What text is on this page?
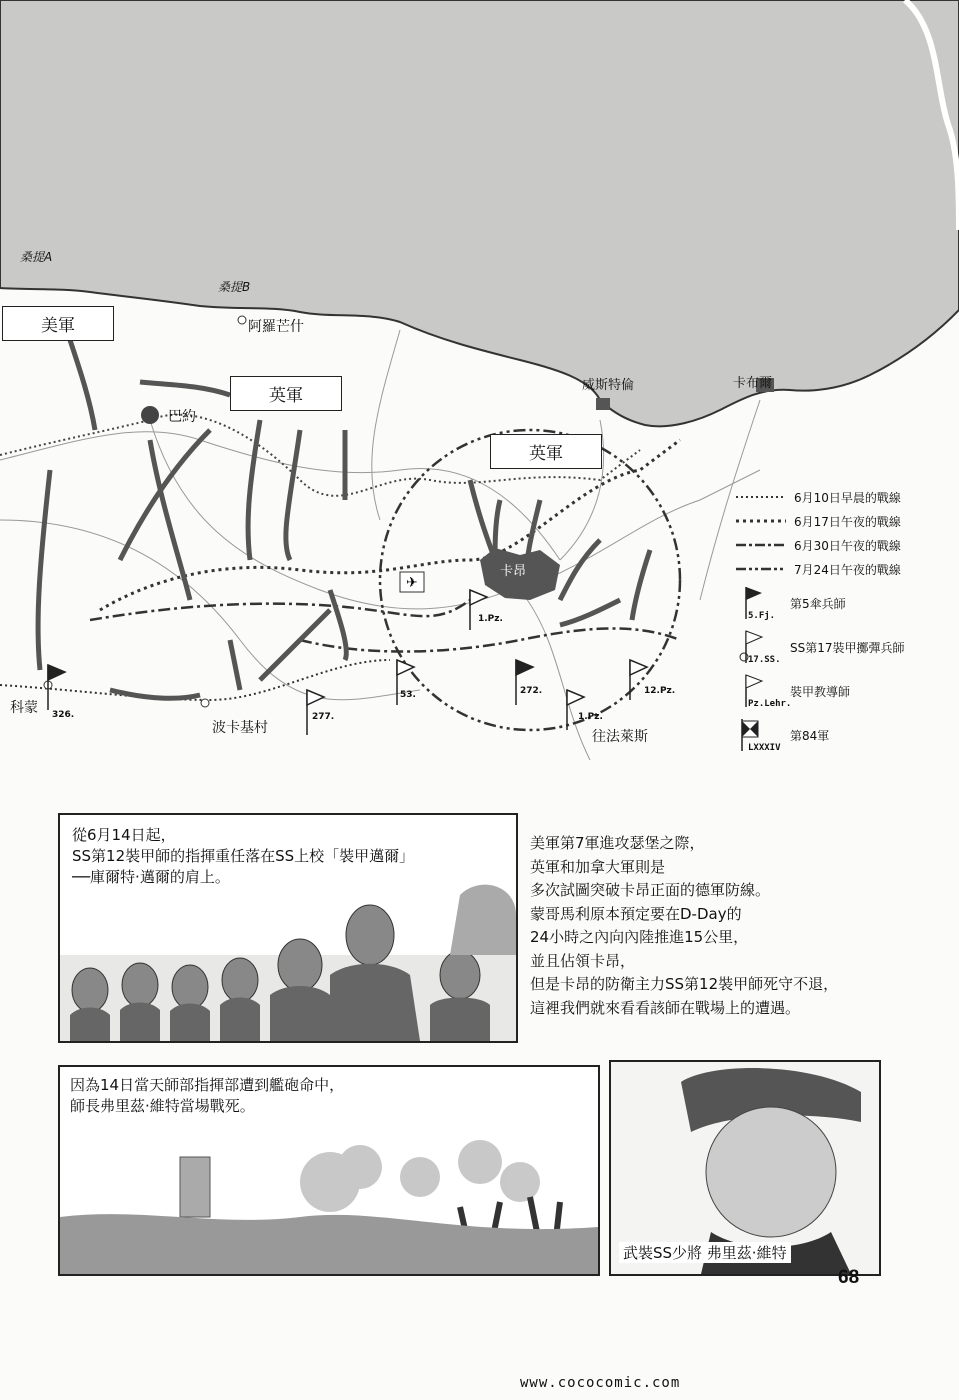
✈
桑提A
桑提B
阿羅芒什
巴約
威斯特倫	卡布爾
卡昂
科蒙
波卡基村
往法萊斯
326.	277.
53.	272.
1.Pz.
1.Pz.
12.Pz.
美軍
英軍
英軍
6月10日早晨的戰線
6月17日午夜的戰線
6月30日午夜的戰線
7月24日午夜的戰線
5.Fj.
第5傘兵師
17.SS.
SS第17裝甲擲彈兵師
Pz.Lehr.
裝甲教導師
LXXXIV
第84軍
從6月14日起，
SS第12裝甲師的指揮重任落在SS上校「裝甲邁爾」
──庫爾特·邁爾的肩上。
美軍第7軍進攻瑟堡之際，
英軍和加拿大軍則是
多次試圖突破卡昂正面的德軍防線。
蒙哥馬利原本預定要在D-Day的
24小時之內向內陸推進15公里，
並且佔領卡昂，
但是卡昂的防衛主力SS第12裝甲師死守不退，
這裡我們就來看看該師在戰場上的遭遇。
因為14日當天師部指揮部遭到艦砲命中，
師長弗里茲·維特當場戰死。
武裝SS少將 弗里茲·維特
68
www.cococomic.com
